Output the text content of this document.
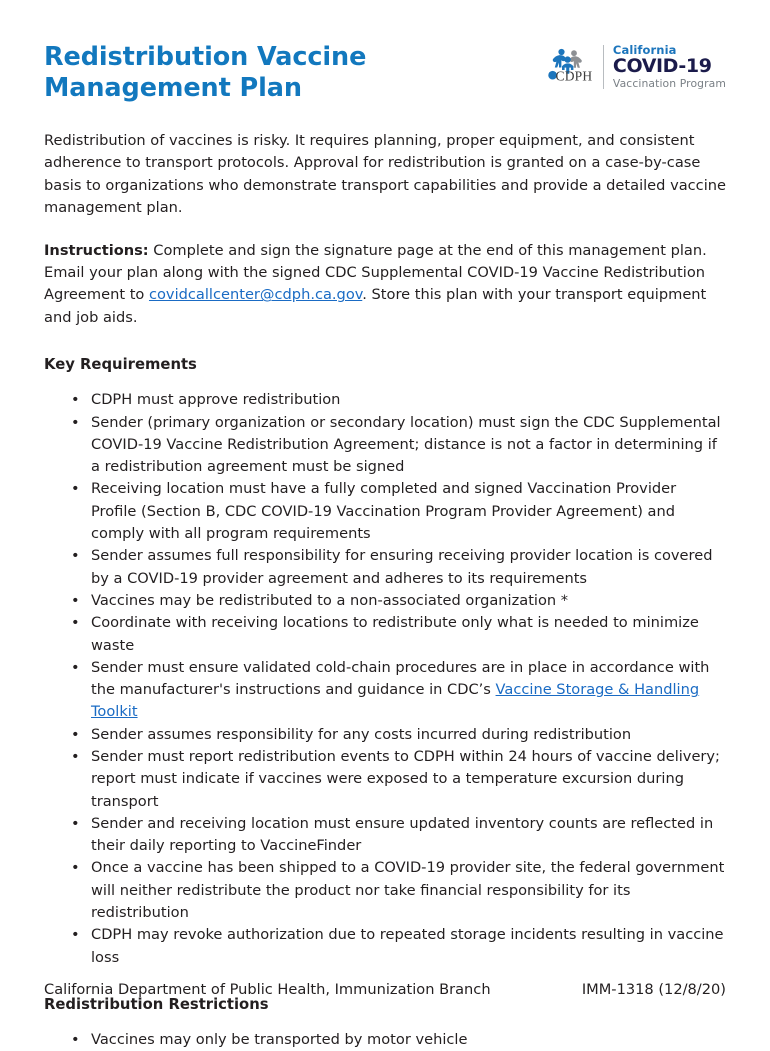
Redistribution Vaccine
Management Plan	CDPH
California
COVID-19
Vaccination Program

Redistribution of vaccines is risky. It requires planning, proper equipment, and consistent adherence to transport protocols. Approval for redistribution is granted on a case-by-case basis to organizations who demonstrate transport capabilities and provide a detailed vaccine management plan.

Instructions: Complete and sign the signature page at the end of this management plan. Email your plan along with the signed CDC Supplemental COVID-19 Vaccine Redistribution Agreement to covidcallcenter@cdph.ca.gov. Store this plan with your transport equipment and job aids.

Key Requirements
• CDPH must approve redistribution
• Sender (primary organization or secondary location) must sign the CDC Supplemental COVID-19 Vaccine Redistribution Agreement; distance is not a factor in determining if a redistribution agreement must be signed
• Receiving location must have a fully completed and signed Vaccination Provider Profile (Section B, CDC COVID-19 Vaccination Program Provider Agreement) and comply with all program requirements
• Sender assumes full responsibility for ensuring receiving provider location is covered by a COVID-19 provider agreement and adheres to its requirements
• Vaccines may be redistributed to a non-associated organization *
• Coordinate with receiving locations to redistribute only what is needed to minimize waste
• Sender must ensure validated cold-chain procedures are in place in accordance with the manufacturer's instructions and guidance in CDC’s Vaccine Storage & Handling Toolkit
• Sender assumes responsibility for any costs incurred during redistribution
• Sender must report redistribution events to CDPH within 24 hours of vaccine delivery; report must indicate if vaccines were exposed to a temperature excursion during transport
• Sender and receiving location must ensure updated inventory counts are reflected in their daily reporting to VaccineFinder
• Once a vaccine has been shipped to a COVID-19 provider site, the federal government will neither redistribute the product nor take financial responsibility for its redistribution
• CDPH may revoke authorization due to repeated storage incidents resulting in vaccine loss
Redistribution Restrictions
• Vaccines may only be transported by motor vehicle
California Department of Public Health, Immunization Branch	IMM-1318 (12/8/20)
